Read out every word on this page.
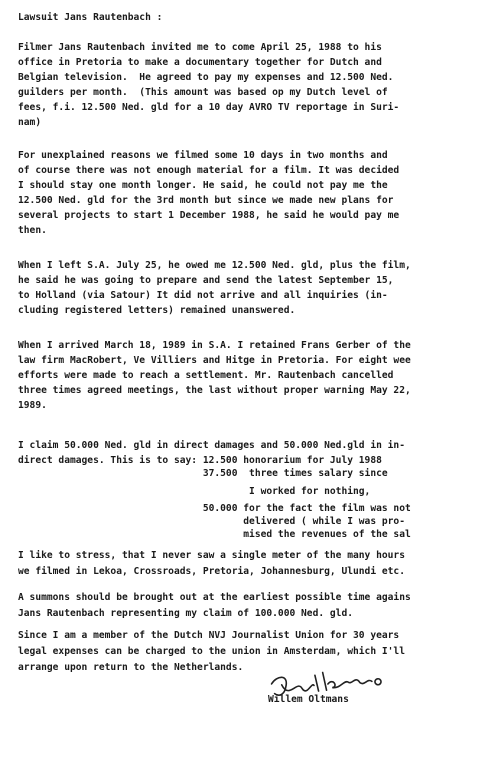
Lawsuit Jans Rautenbach :
Filmer Jans Rautenbach invited me to come April 25, 1988 to his
office in Pretoria to make a documentary together for Dutch and
Belgian television.  He agreed to pay my expenses and 12.500 Ned.
guilders per month.  (This amount was based op my Dutch level of
fees, f.i. 12.500 Ned. gld for a 10 day AVRO TV reportage in Suri-
nam)
For unexplained reasons we filmed some 10 days in two months and
of course there was not enough material for a film. It was decided
I should stay one month longer. He said, he could not pay me the
12.500 Ned. gld for the 3rd month but since we made new plans for
several projects to start 1 December 1988, he said he would pay me
then.
When I left S.A. July 25, he owed me 12.500 Ned. gld, plus the film,
he said he was going to prepare and send the latest September 15,
to Holland (via Satour) It did not arrive and all inquiries (in-
cluding registered letters) remained unanswered.
When I arrived March 18, 1989 in S.A. I retained Frans Gerber of the
law firm MacRobert, Ve Villiers and Hitge in Pretoria. For eight wee
efforts were made to reach a settlement. Mr. Rautenbach cancelled
three times agreed meetings, the last without proper warning May 22,
1989.
I claim 50.000 Ned. gld in direct damages and 50.000 Ned.gld in in-
direct damages. This is to say: 12.500 honorarium for July 1988
37.500  three times salary since
I worked for nothing,
50.000 for the fact the film was not
delivered ( while I was pro-
mised the revenues of the sal
I like to stress, that I never saw a single meter of the many hours
we filmed in Lekoa, Crossroads, Pretoria, Johannesburg, Ulundi etc.
A summons should be brought out at the earliest possible time agains
Jans Rautenbach representing my claim of 100.000 Ned. gld.
Since I am a member of the Dutch NVJ Journalist Union for 30 years
legal expenses can be charged to the union in Amsterdam, which I'll
arrange upon return to the Netherlands.
Willem Oltmans
